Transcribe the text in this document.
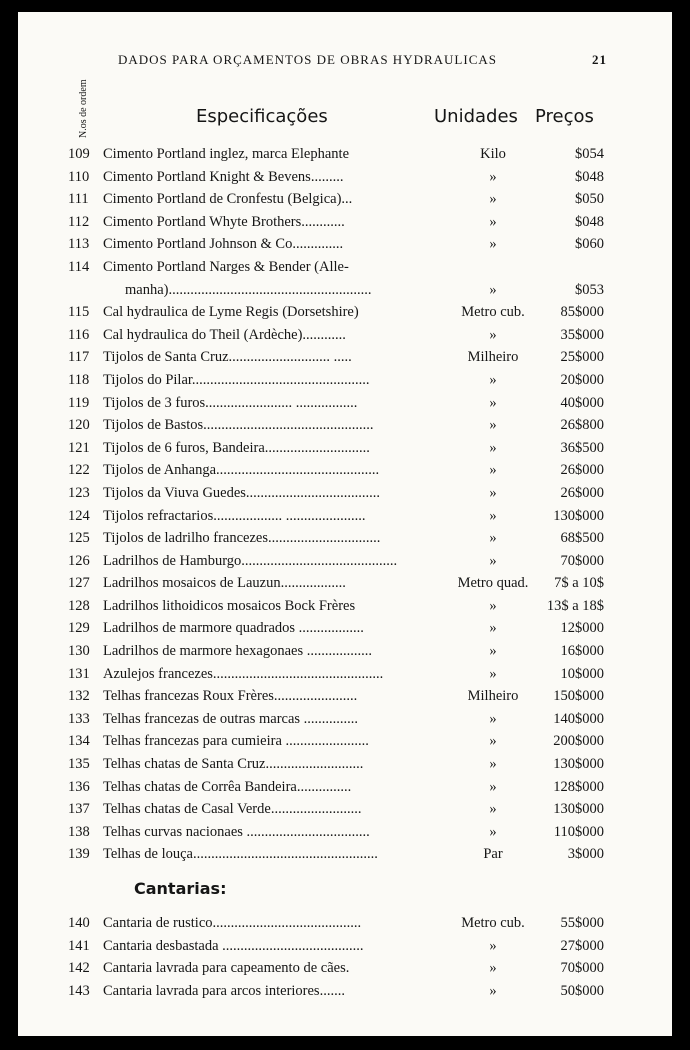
DADOS PARA ORÇAMENTOS DE OBRAS HYDRAULICAS	21
N.os de ordem	Especificações	Unidades Preços
109 Cimento Portland inglez, marca Elephante	Kilo	$054
110 Cimento Portland Knight & Bevens.........	»	$048
111 Cimento Portland de Cronfestu (Belgica)...	»	$050
112 Cimento Portland Whyte Brothers............	»	$048
113 Cimento Portland Johnson & Co..............	»	$060
114 Cimento Portland Narges & Bender (Alle-
manha)........................................................	»	$053
115 Cal hydraulica de Lyme Regis (Dorsetshire)	Metro cub.	85$000
116 Cal hydraulica do Theil (Ardèche)............	»	35$000
117 Tijolos de Santa Cruz............................ .....	Milheiro	25$000
118 Tijolos do Pilar.................................................	»	20$000
119 Tijolos de 3 furos........................ .................	»	40$000
120 Tijolos de Bastos...............................................	»	26$800
121 Tijolos de 6 furos, Bandeira.............................	»	36$500
122 Tijolos de Anhanga.............................................	»	26$000
123 Tijolos da Viuva Guedes.....................................	»	26$000
124 Tijolos refractarios................... ......................	»	130$000
125 Tijolos de ladrilho francezes...............................	»	68$500
126 Ladrilhos de Hamburgo...........................................	»	70$000
127 Ladrilhos mosaicos de Lauzun..................	Metro quad.	7$ a 10$
128 Ladrilhos lithoidicos mosaicos Bock Frères	»	13$ a 18$
129 Ladrilhos de marmore quadrados ..................	»	12$000
130 Ladrilhos de marmore hexagonaes ..................	»	16$000
131 Azulejos francezes...............................................	»	10$000
132 Telhas francezas Roux Frères.......................	Milheiro	150$000
133 Telhas francezas de outras marcas ...............	»	140$000
134 Telhas francezas para cumieira .......................	»	200$000
135 Telhas chatas de Santa Cruz...........................	»	130$000
136 Telhas chatas de Corrêa Bandeira...............	»	128$000
137 Telhas chatas de Casal Verde.........................	»	130$000
138 Telhas curvas nacionaes ..................................	»	110$000
139 Telhas de louça...................................................	Par	3$000
Cantarias:
140 Cantaria de rustico.........................................	Metro cub.	55$000
141 Cantaria desbastada .......................................	»	27$000
142 Cantaria lavrada para capeamento de cães.	»	70$000
143 Cantaria lavrada para arcos interiores.......	»	50$000
